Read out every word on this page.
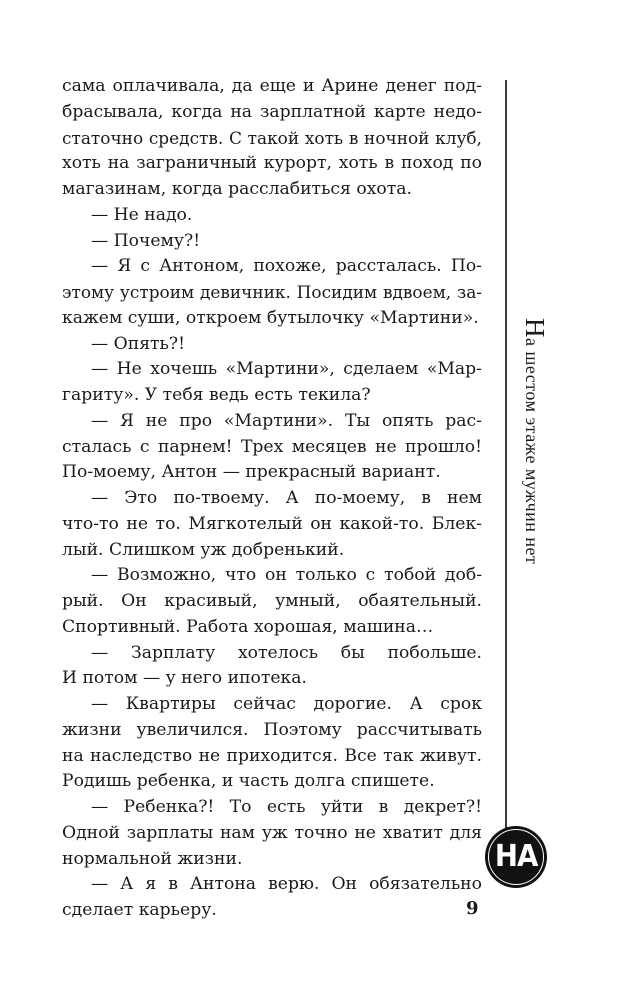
сама оплачивала, да еще и Арине денег под-
брасывала, когда на зарплатной карте недо-
статочно средств. С такой хоть в ночной клуб,
хоть на заграничный курорт, хоть в поход по
магазинам, когда расслабиться охота.
— Не надо.
— Почему?!
— Я с Антоном, похоже, рассталась. По-
этому устроим девичник. Посидим вдвоем, за-
кажем суши, откроем бутылочку «Мартини».
— Опять?!
— Не хочешь «Мартини», сделаем «Мар-
гариту». У тебя ведь есть текила?
— Я не про «Мартини». Ты опять рас-
сталась с парнем! Трех месяцев не прошло!
По-моему, Антон — прекрасный вариант.
— Это по-твоему. А по-моему, в нем
что-то не то. Мягкотелый он какой-то. Блек-
лый. Слишком уж добренький.
— Возможно, что он только с тобой доб-
рый. Он красивый, умный, обаятельный.
Спортивный. Работа хорошая, машина…
— Зарплату хотелось бы побольше.
И потом — у него ипотека.
— Квартиры сейчас дорогие. А срок
жизни увеличился. Поэтому рассчитывать
на наследство не приходится. Все так живут.
Родишь ребенка, и часть долга спишете.
— Ребенка?! То есть уйти в декрет?!
Одной зарплаты нам уж точно не хватит для
нормальной жизни.
— А я в Антона верю. Он обязательно
сделает карьеру.
На шестом этаже мужчин нет
НА
9
